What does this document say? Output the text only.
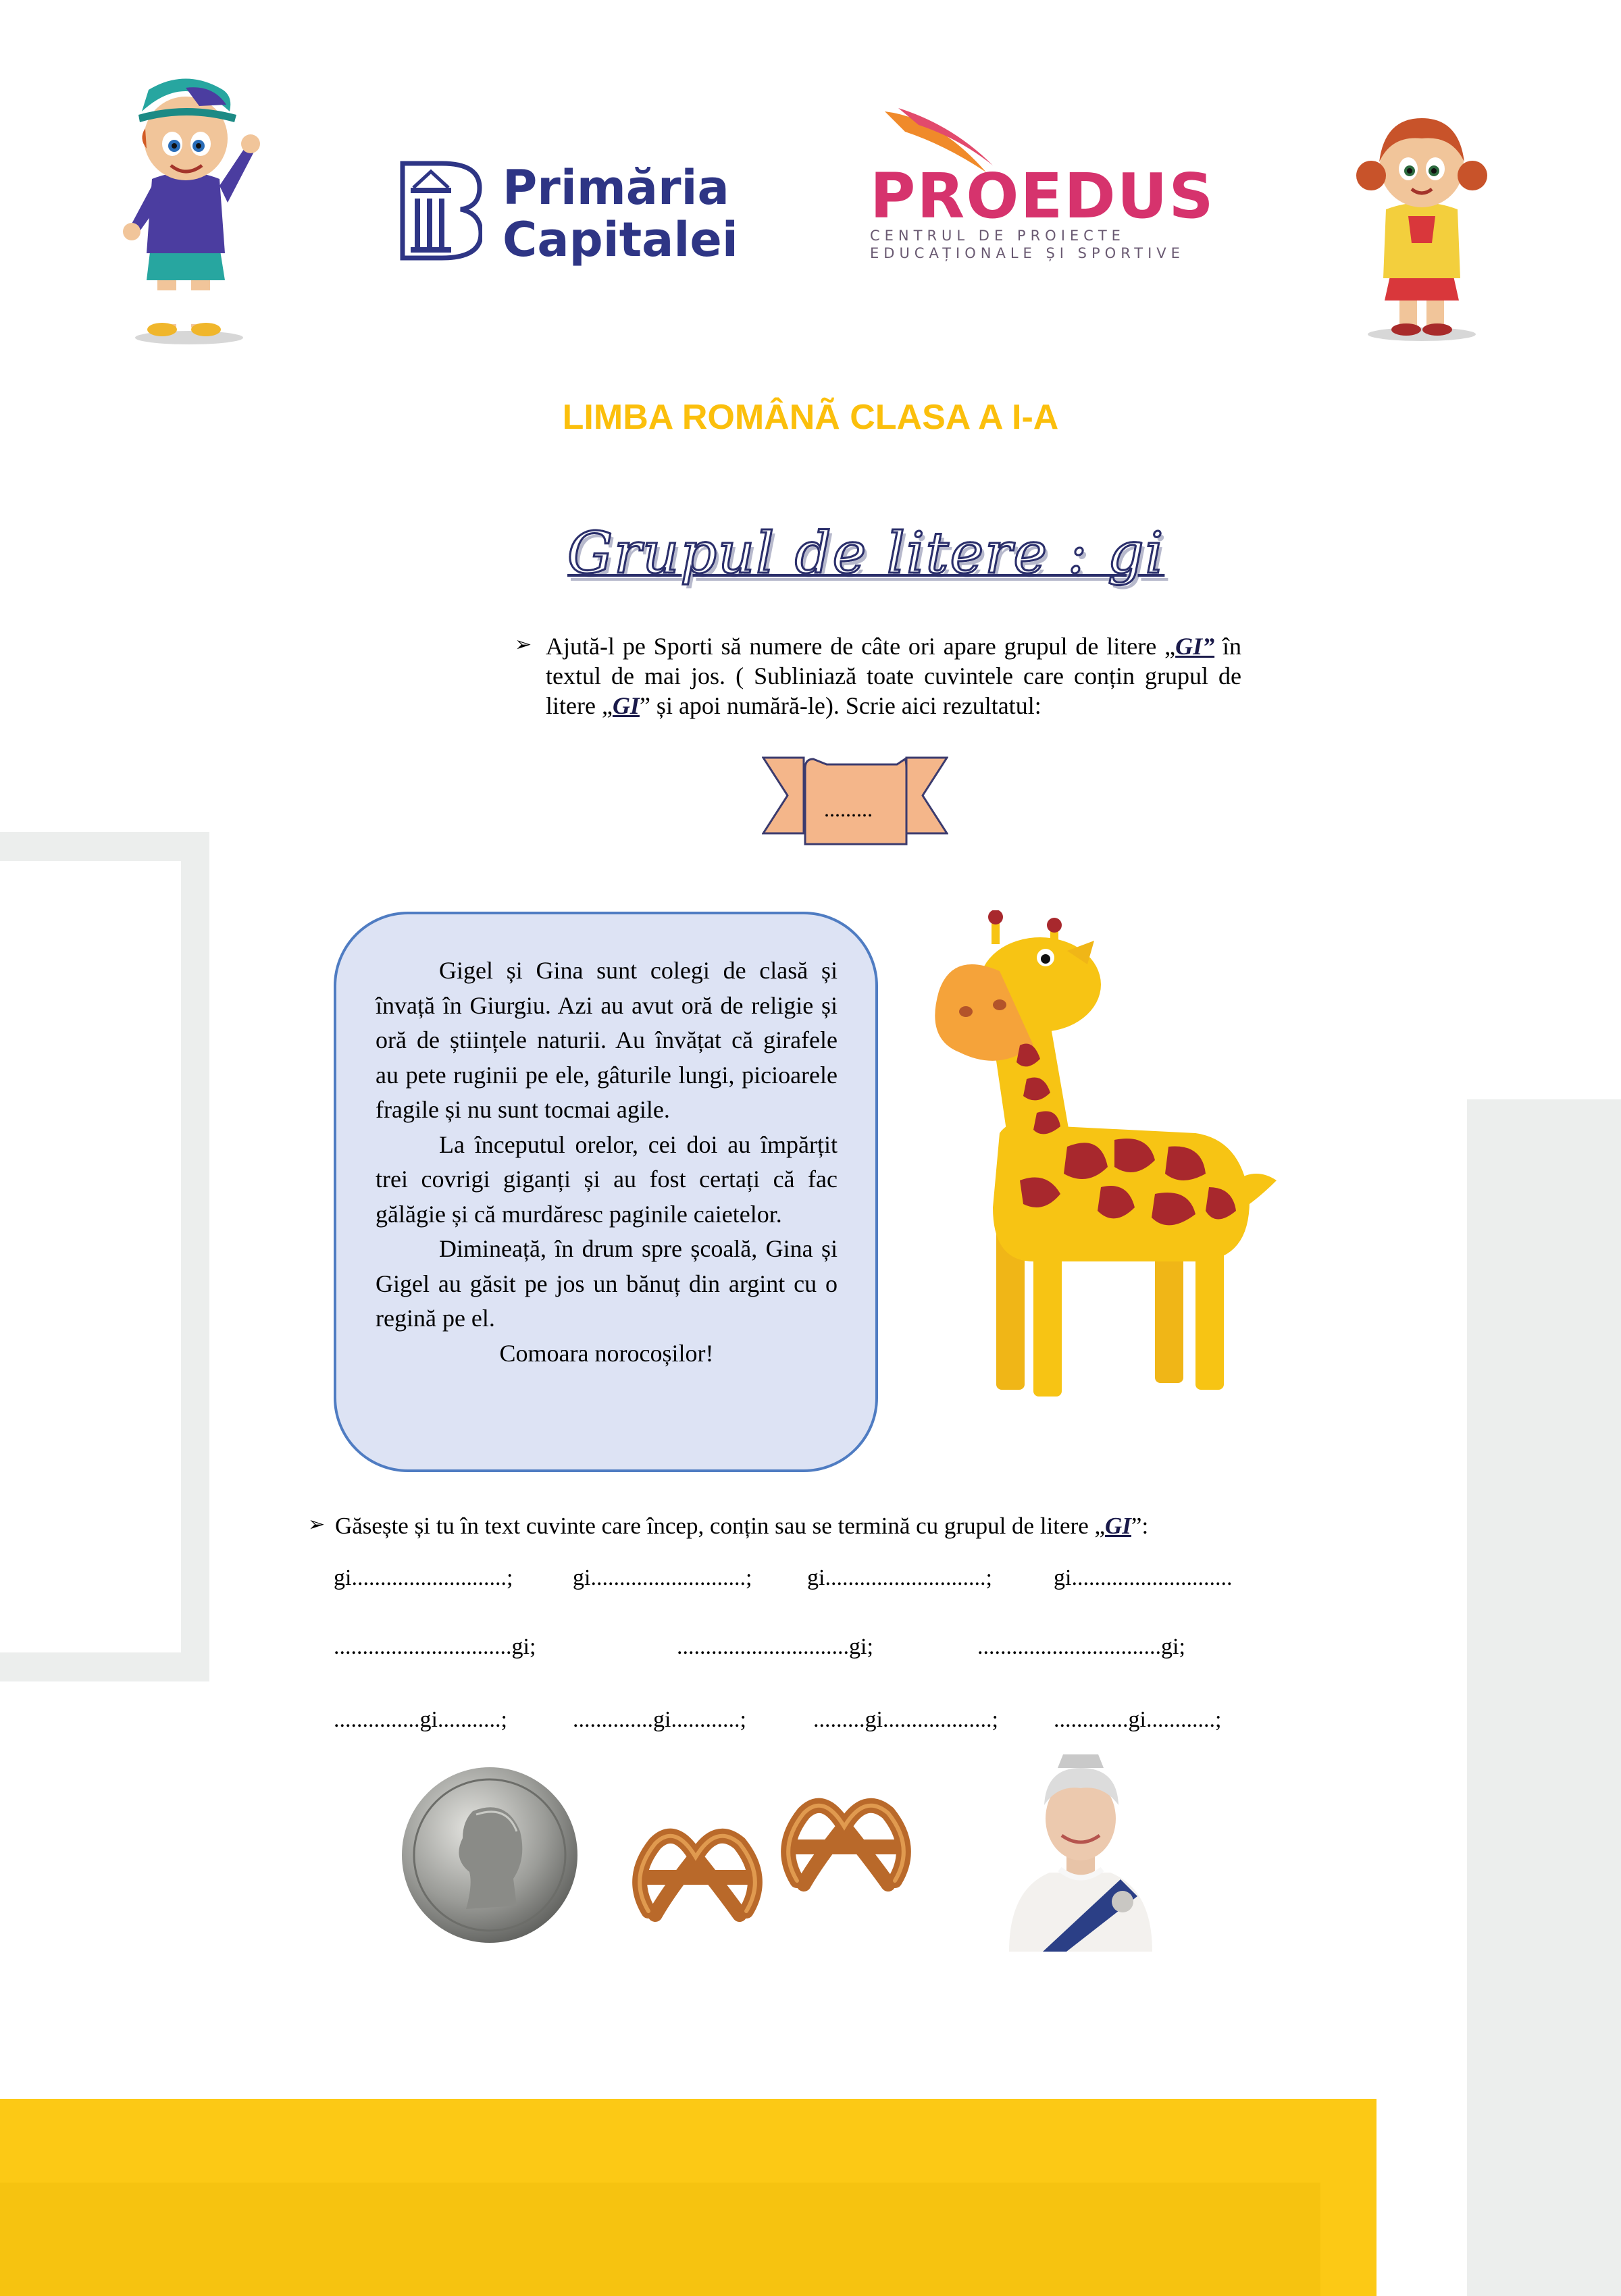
Primăria
Capitalei
PROEDUS
CENTRUL DE PROIECTE
EDUCAȚIONALE ȘI SPORTIVE
LIMBA ROMÂNÃ CLASA A I-A
Grupul de litere : gi
➢ Ajută-l pe Sporti să numere de câte ori apare grupul de litere „GI” în textul de mai jos. ( Subliniază toate cuvintele care conțin grupul de litere „GI” și apoi numără-le). Scrie aici rezultatul:
.........

Gigel și Gina sunt colegi de clasă și învață în Giurgiu. Azi au avut oră de religie și oră de științele naturii. Au învățat că girafele au pete ruginii pe ele, gâturile lungi, picioarele fragile și nu sunt tocmai agile.

La începutul orelor, cei doi au împărțit trei covrigi giganți și au fost certați că fac gălăgie și că murdăresc paginile caietelor.

Dimineață, în drum spre școală, Gina și Gigel au găsit pe jos un bănuț din argint cu o regină pe el.

Comoara norocoșilor!

➢ Găsește și tu în text cuvinte care încep, conțin sau se termină cu grupul de litere „GI”:
gi...........................;	gi...........................; gi............................;	gi............................
...............................gi;	..............................gi;	................................gi;
...............gi...........;	..............gi............;	.........gi...................; .............gi............;
